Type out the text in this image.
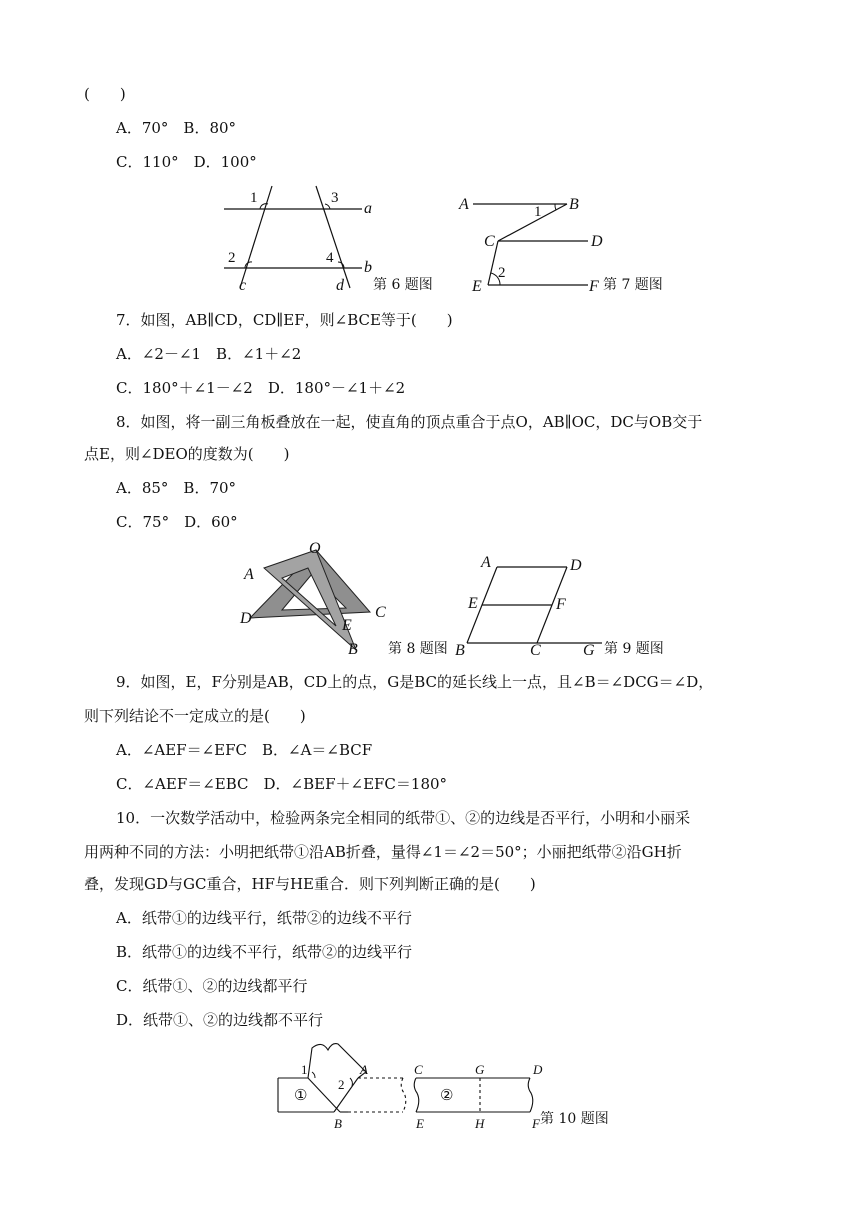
(　　)
A．70°　B．80°
C．110°　D．100°
1	3
2	4
a
b
c	d 第 6 题图
A	B
C	D
E	F
1
2
第 7 题图
7．如图，AB∥CD，CD∥EF，则∠BCE等于(　　)
A．∠2－∠1　B．∠1＋∠2
C．180°＋∠1－∠2　D．180°－∠1＋∠2
8．如图，将一副三角板叠放在一起，使直角的顶点重合于点O，AB∥OC，DC与OB交于
点E，则∠DEO的度数为(　　)
A．85°　B．70°
C．75°　D．60°
O
A
D	C
E
B 第 8 题图
A	D
E	F
B	C	G 第 9 题图
9．如图，E，F分别是AB，CD上的点，G是BC的延长线上一点，且∠B＝∠DCG＝∠D，
则下列结论不一定成立的是(　　)
A．∠AEF＝∠EFC　B．∠A＝∠BCF
C．∠AEF＝∠EBC　D．∠BEF＋∠EFC＝180°
10．一次数学活动中，检验两条完全相同的纸带①、②的边线是否平行，小明和小丽采
用两种不同的方法：小明把纸带①沿AB折叠，量得∠1＝∠2＝50°；小丽把纸带②沿GH折
叠，发现GD与GC重合，HF与HE重合．则下列判断正确的是(　　)
A．纸带①的边线平行，纸带②的边线不平行
B．纸带①的边线不平行，纸带②的边线平行
C．纸带①、②的边线都平行
D．纸带①、②的边线都不平行
1
2
A
B
①	②
C	G	D
E	H	F 第 10 题图
